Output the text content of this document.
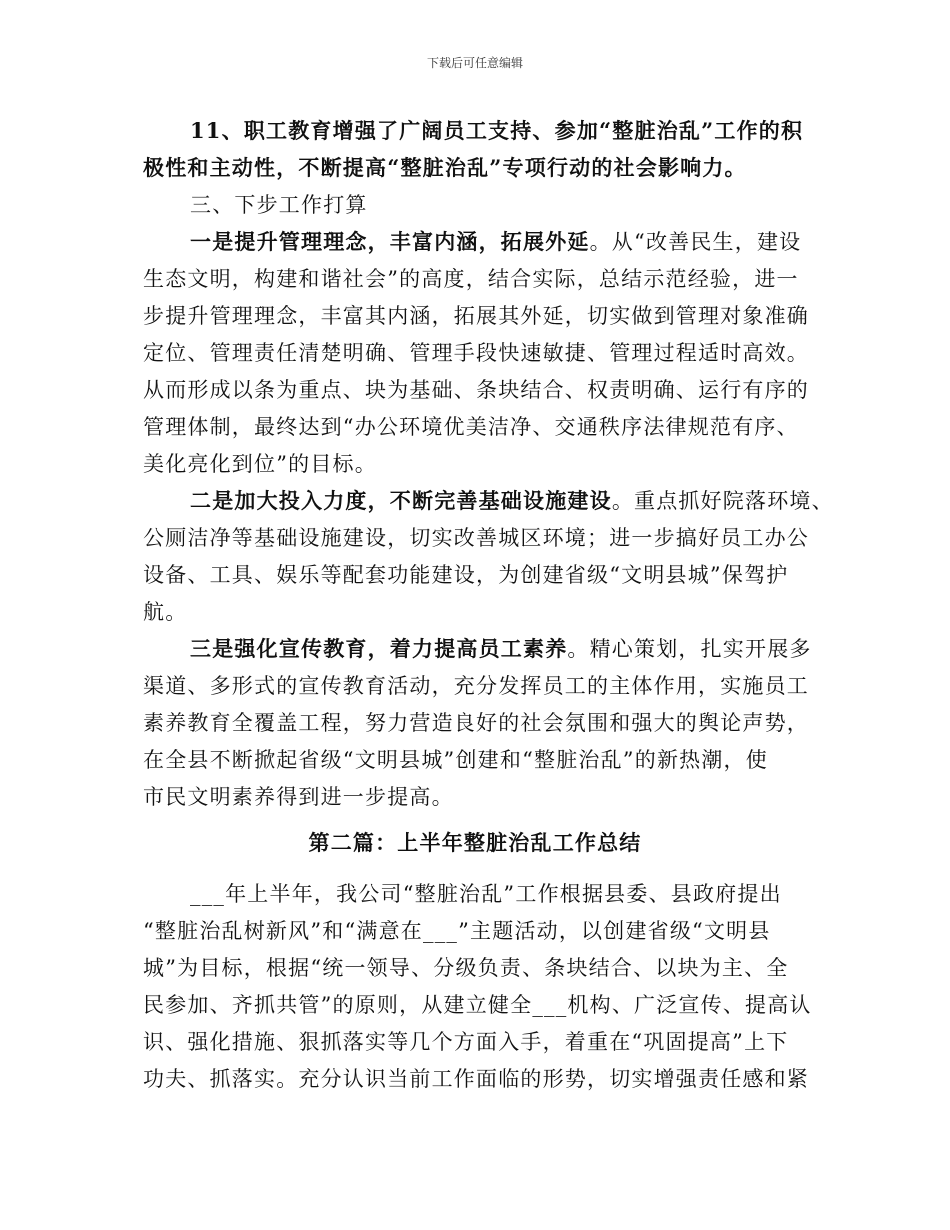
下载后可任意编辑
11、职工教育增强了广阔员工支持、参加“整脏治乱”工作的积
极性和主动性，不断提高“整脏治乱”专项行动的社会影响力。
三、下步工作打算
一是提升管理理念，丰富内涵，拓展外延。从“改善民生，建设
生态文明，构建和谐社会”的高度，结合实际，总结示范经验，进一
步提升管理理念，丰富其内涵，拓展其外延，切实做到管理对象准确
定位、管理责任清楚明确、管理手段快速敏捷、管理过程适时高效。
从而形成以条为重点、块为基础、条块结合、权责明确、运行有序的
管理体制，最终达到“办公环境优美洁净、交通秩序法律规范有序、
美化亮化到位”的目标。
二是加大投入力度，不断完善基础设施建设。重点抓好院落环境、
公厕洁净等基础设施建设，切实改善城区环境；进一步搞好员工办公
设备、工具、娱乐等配套功能建设，为创建省级“文明县城”保驾护
航。
三是强化宣传教育，着力提高员工素养。精心策划，扎实开展多
渠道、多形式的宣传教育活动，充分发挥员工的主体作用，实施员工
素养教育全覆盖工程，努力营造良好的社会氛围和强大的舆论声势，
在全县不断掀起省级“文明县城”创建和“整脏治乱”的新热潮，使
市民文明素养得到进一步提高。
第二篇：上半年整脏治乱工作总结
___年上半年，我公司“整脏治乱”工作根据县委、县政府提出
“整脏治乱树新风”和“满意在___”主题活动，以创建省级“文明县
城”为目标，根据“统一领导、分级负责、条块结合、以块为主、全
民参加、齐抓共管”的原则，从建立健全___机构、广泛宣传、提高认
识、强化措施、狠抓落实等几个方面入手，着重在“巩固提高”上下
功夫、抓落实。充分认识当前工作面临的形势，切实增强责任感和紧
